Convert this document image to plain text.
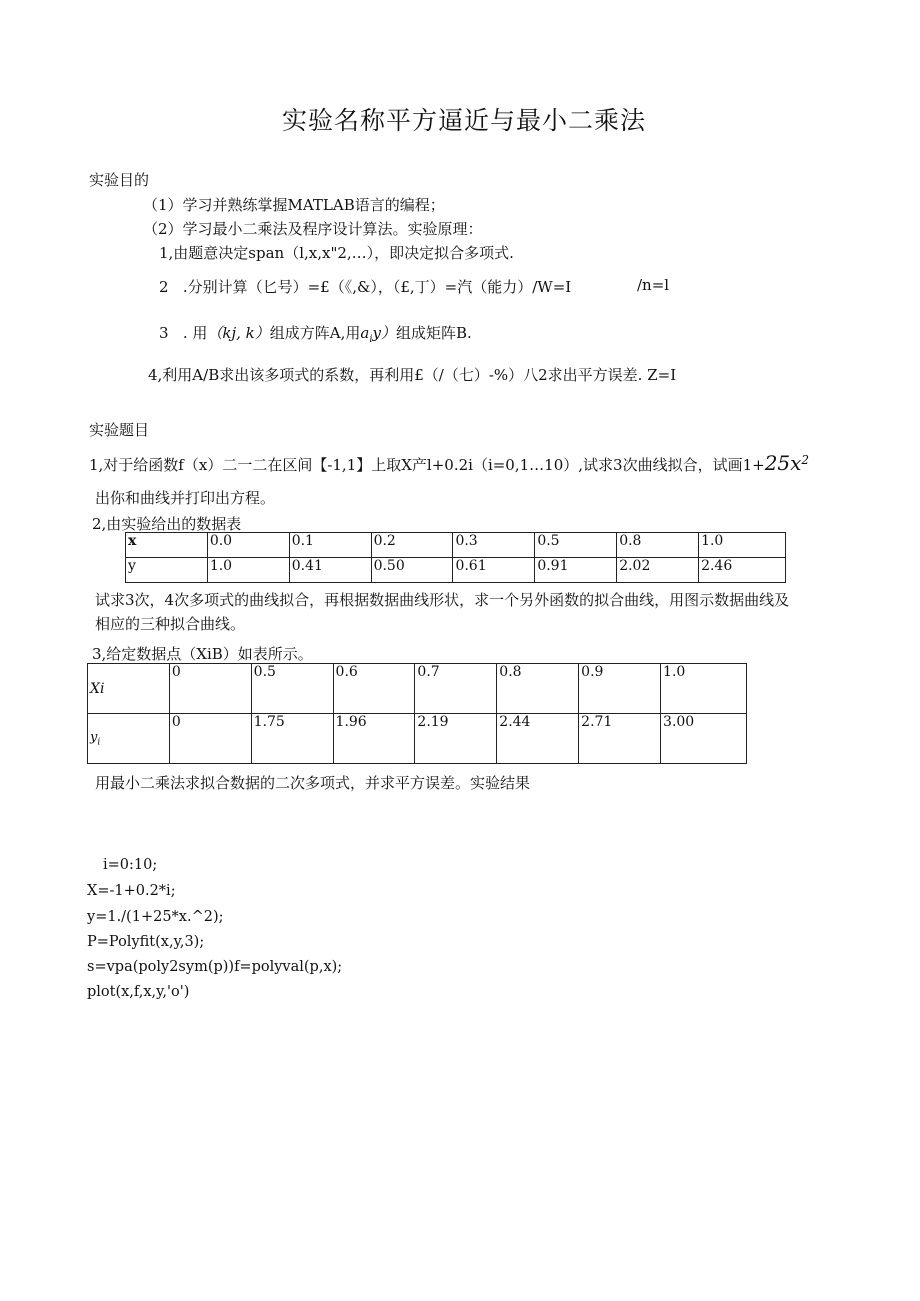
实验名称平方逼近与最小二乘法
实验目的
（1）学习并熟练掌握MATLAB语言的编程；
（2）学习最小二乘法及程序设计算法。实验原理：
1,由题意决定span（l,x,x"2,…），即决定拟合多项式.
2   .分别计算（匕号）=£（《,&），（£,丁）=汽（能力）/W=I	/n=l
3   . 用（kj, k）组成方阵A,用$a_iy$）组成矩阵B.
4,利用A/B求出该多项式的系数，再利用£（/（七）-%）八2求出平方误差. Z=I
实验题目
1,对于给函数f（x）二一二在区间【-1,1】上取X产l+0.2i（i=0,1…10）,试求3次曲线拟合，试画$1+25x^2$
出你和曲线并打印出方程。
2,由实验给出的数据表
x	0.0	0.1	0.2	0.3	0.5	0.8	1.0
y	1.0	0.41	0.50	0.61	0.91	2.02	2.46
试求3次，4次多项式的曲线拟合，再根据数据曲线形状，求一个另外函数的拟合曲线，用图示数据曲线及
相应的三种拟合曲线。
3,给定数据点（XiB）如表所示。
Xi	0	0.5	0.6	0.7	0.8	0.9	1.0
$y_i$	0	1.75	1.96	2.19	2.44	2.71	3.00
用最小二乘法求拟合数据的二次多项式，并求平方误差。实验结果
i=0:10;
X=-1+0.2*i;
y=1./(1+25*x.^2);
P=Polyfit(x,y,3);
s=vpa(poly2sym(p))f=polyval(p,x);
plot(x,f,x,y,'o')
